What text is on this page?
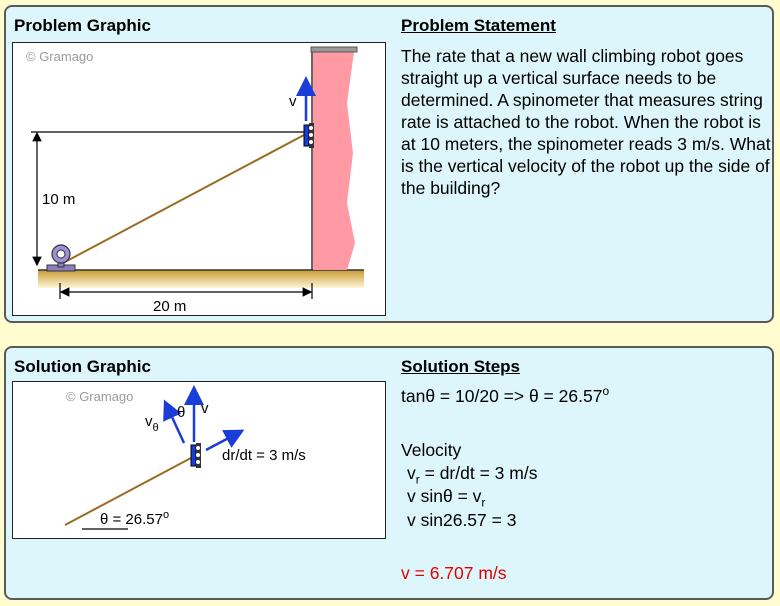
Problem Graphic	Problem Statement
© Gramago
10 m
20 m
v
The rate that a new wall climbing robot goes straight up a vertical surface needs to be determined. A spinometer that measures string rate is attached to the robot. When the robot is at 10 meters, the spinometer reads 3 m/s. What is the vertical velocity of the robot up the side of the building?
Solution Graphic	Solution Steps
© Gramago
v
θ
$v_\theta$
dr/dt = 3 m/s
$\theta = 26.57^o$
$\tan\theta = 10/20 => \theta = 26.57^o$
Velocity
$v_r = dr/dt = 3$ m/s
v $\sin\theta = v_r$
v sin26.57 = 3
v = 6.707 m/s
